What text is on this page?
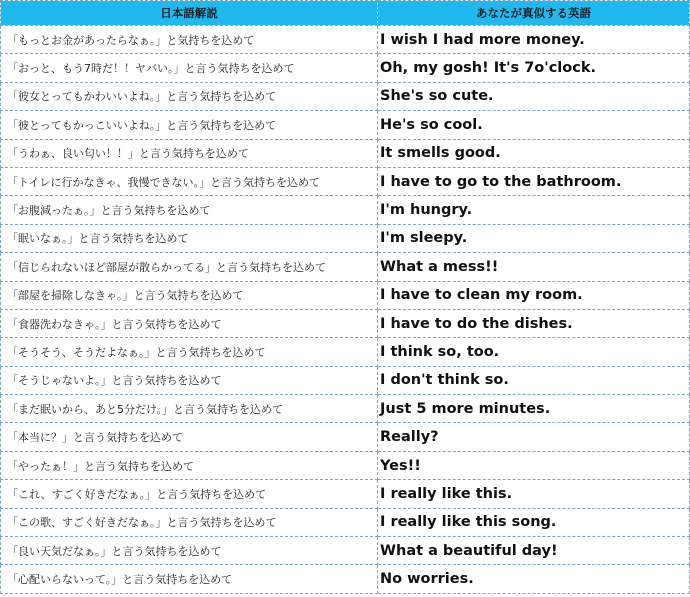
日本語解説	あなたが真似する英語
「もっとお金があったらなぁ。」と気持ちを込めて	I wish I had more money.
「おっと、もう7時だ！！ヤバい。」と言う気持ちを込めて	Oh, my gosh! It's 7o'clock.
「彼女とってもかわいいよね。」と言う気持ちを込めて	She's so cute.
「彼とってもかっこいいよね。」と言う気持ちを込めて	He's so cool.
「うわぁ、良い匂い！！」と言う気持ちを込めて	It smells good.
「トイレに行かなきゃ、我慢できない。」と言う気持ちを込めて	I have to go to the bathroom.
「お腹減ったぁ。」と言う気持ちを込めて	I'm hungry.
「眠いなぁ。」と言う気持ちを込めて	I'm sleepy.
「信じられないほど部屋が散らかってる」と言う気持ちを込めて	What a mess!!
「部屋を掃除しなきゃ。」と言う気持ちを込めて	I have to clean my room.
「食器洗わなきゃ。」と言う気持ちを込めて	I have to do the dishes.
「そうそう、そうだよなぁ。」と言う気持ちを込めて	I think so, too.
「そうじゃないよ。」と言う気持ちを込めて	I don't think so.
「まだ眠いから、あと5分だけ。」と言う気持ちを込めて	Just 5 more minutes.
「本当に？」と言う気持ちを込めて	Really?
「やったぁ！」と言う気持ちを込めて	Yes!!
「これ、すごく好きだなぁ。」と言う気持ちを込めて	I really like this.
「この歌、すごく好きだなぁ。」と言う気持ちを込めて	I really like this song.
「良い天気だなぁ。」と言う気持ちを込めて	What a beautiful day!
「心配いらないって。」と言う気持ちを込めて	No worries.
